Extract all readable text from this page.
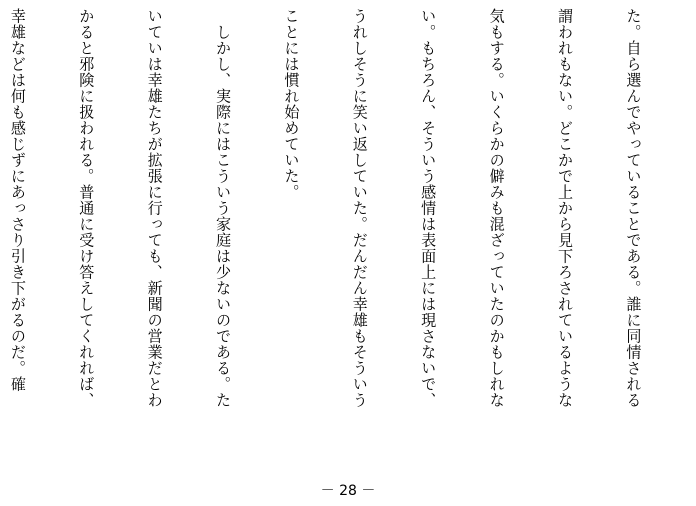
た。自ら選んでやっていることである。誰に同情される

謂われもない。どこかで上から見下ろされているような

気もする。いくらかの僻みも混ざっていたのかもしれな

い。もちろん、そういう感情は表面上には現さないで、

うれしそうに笑い返していた。だんだん幸雄もそういう

ことには慣れ始めていた。

　しかし、実際にはこういう家庭は少ないのである。た

いていは幸雄たちが拡張に行っても、新聞の営業だとわ

かると邪険に扱われる。普通に受け答えしてくれれば、

幸雄などは何も感じずにあっさり引き下がるのだ。確

－ 28 －
